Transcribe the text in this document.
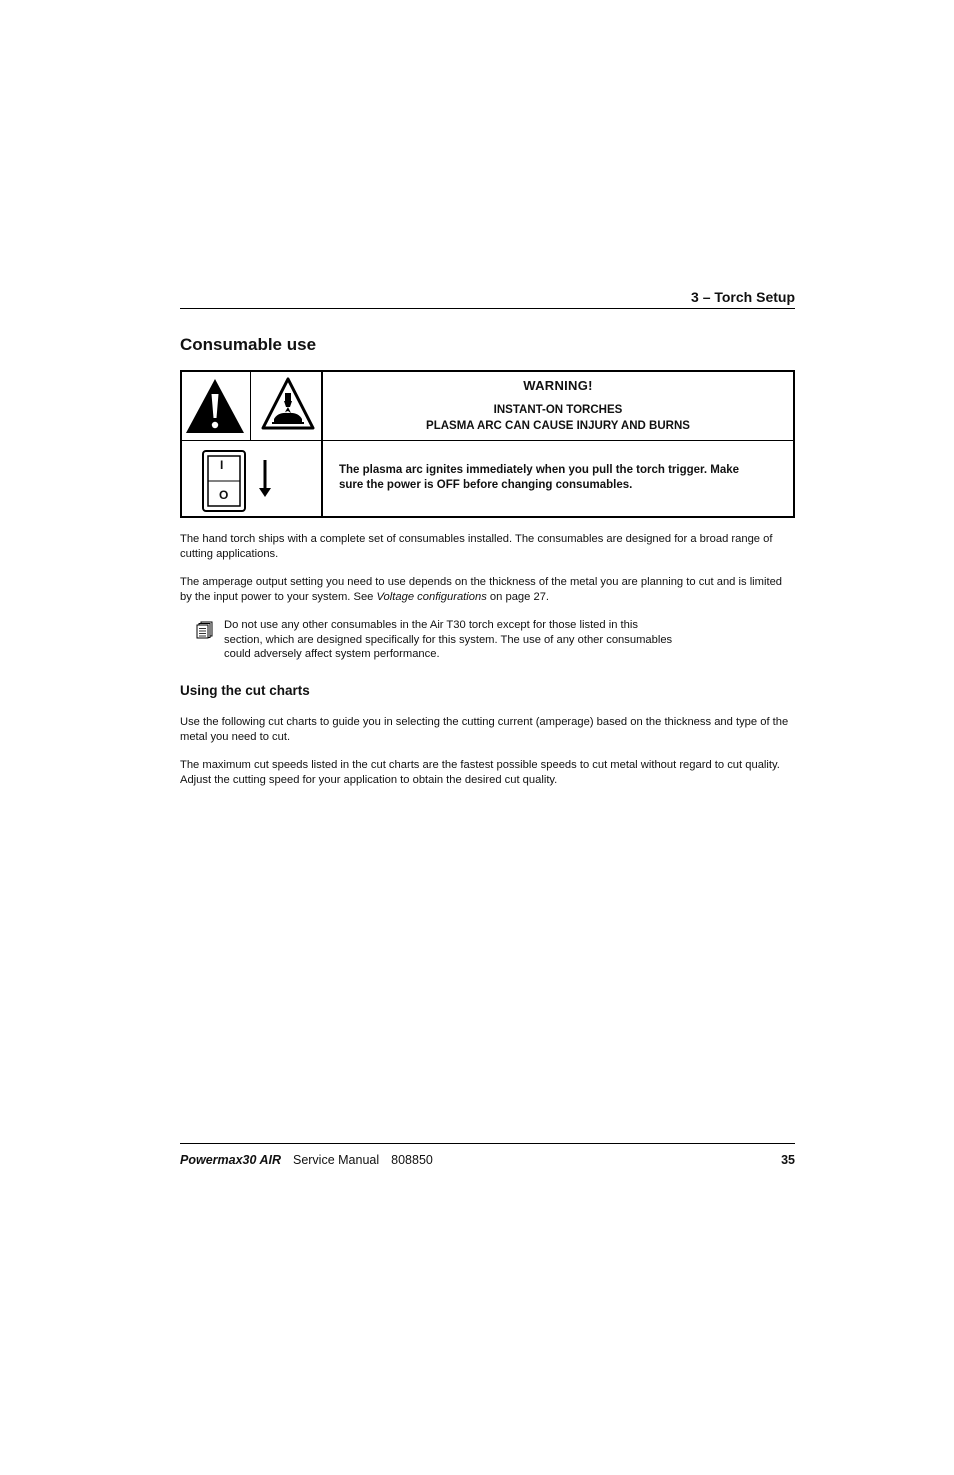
3 – Torch Setup
Consumable use
I
O
WARNING!
INSTANT-ON TORCHES
PLASMA ARC CAN CAUSE INJURY AND BURNS
The plasma arc ignites immediately when you pull the torch trigger. Make
sure the power is OFF before changing consumables.
The hand torch ships with a complete set of consumables installed. The consumables are designed for a broad range of cutting applications.
The amperage output setting you need to use depends on the thickness of the metal you are planning to cut and is limited by the input power to your system. See Voltage configurations on page 27.
Do not use any other consumables in the Air T30 torch except for those listed in this
section, which are designed specifically for this system. The use of any other consumables
could adversely affect system performance.
Using the cut charts
Use the following cut charts to guide you in selecting the cutting current (amperage) based on the thickness and type of the metal you need to cut.
The maximum cut speeds listed in the cut charts are the fastest possible speeds to cut metal without regard to cut quality. Adjust the cutting speed for your application to obtain the desired cut quality.
Powermax30 AIR Service Manual 808850	35
